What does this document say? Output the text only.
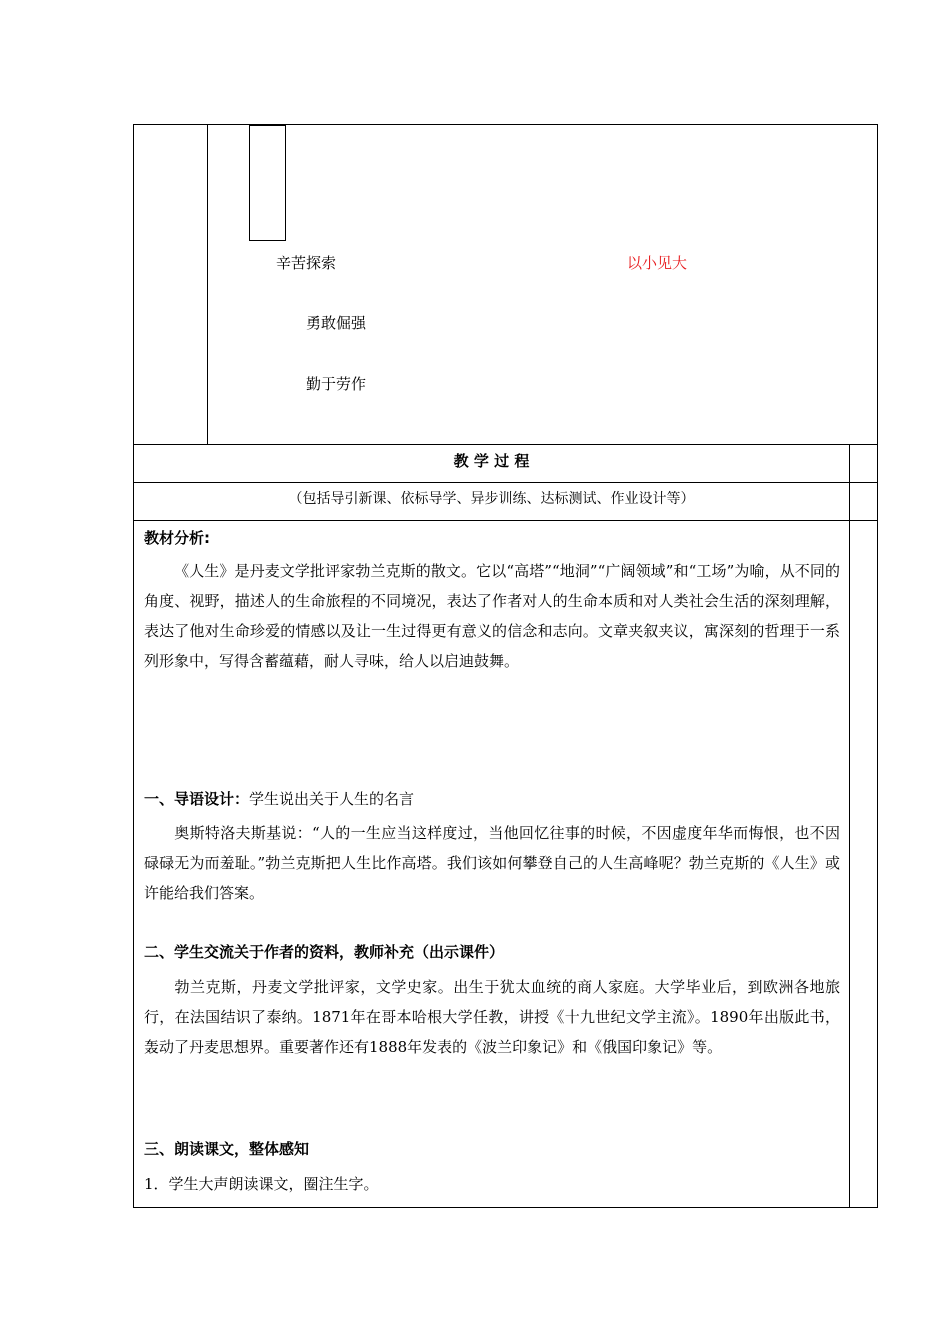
辛苦探索
勇敢倔强
勤于劳作
以小见大
教 学 过 程
（包括导引新课、依标导学、异步训练、达标测试、作业设计等）
教材分析:
《人生》是丹麦文学批评家勃兰克斯的散文。它以“高塔”“地洞”“广阔领域”和“工场”为喻，从不同的角度、视野，描述人的生命旅程的不同境况，表达了作者对人的生命本质和对人类社会生活的深刻理解，表达了他对生命珍爱的情感以及让一生过得更有意义的信念和志向。文章夹叙夹议，寓深刻的哲理于一系列形象中，写得含蓄蕴藉，耐人寻味，给人以启迪鼓舞。
一、导语设计：学生说出关于人生的名言
奥斯特洛夫斯基说：“人的一生应当这样度过，当他回忆往事的时候，不因虚度年华而悔恨，也不因碌碌无为而羞耻。”勃兰克斯把人生比作高塔。我们该如何攀登自己的人生高峰呢？勃兰克斯的《人生》或许能给我们答案。
二、学生交流关于作者的资料，教师补充（出示课件）
勃兰克斯，丹麦文学批评家，文学史家。出生于犹太血统的商人家庭。大学毕业后，到欧洲各地旅行，在法国结识了泰纳。1871年在哥本哈根大学任教，讲授《十九世纪文学主流》。1890年出版此书，轰动了丹麦思想界。重要著作还有1888年发表的《波兰印象记》和《俄国印象记》等。
三、朗读课文，整体感知
1．学生大声朗读课文，圈注生字。
